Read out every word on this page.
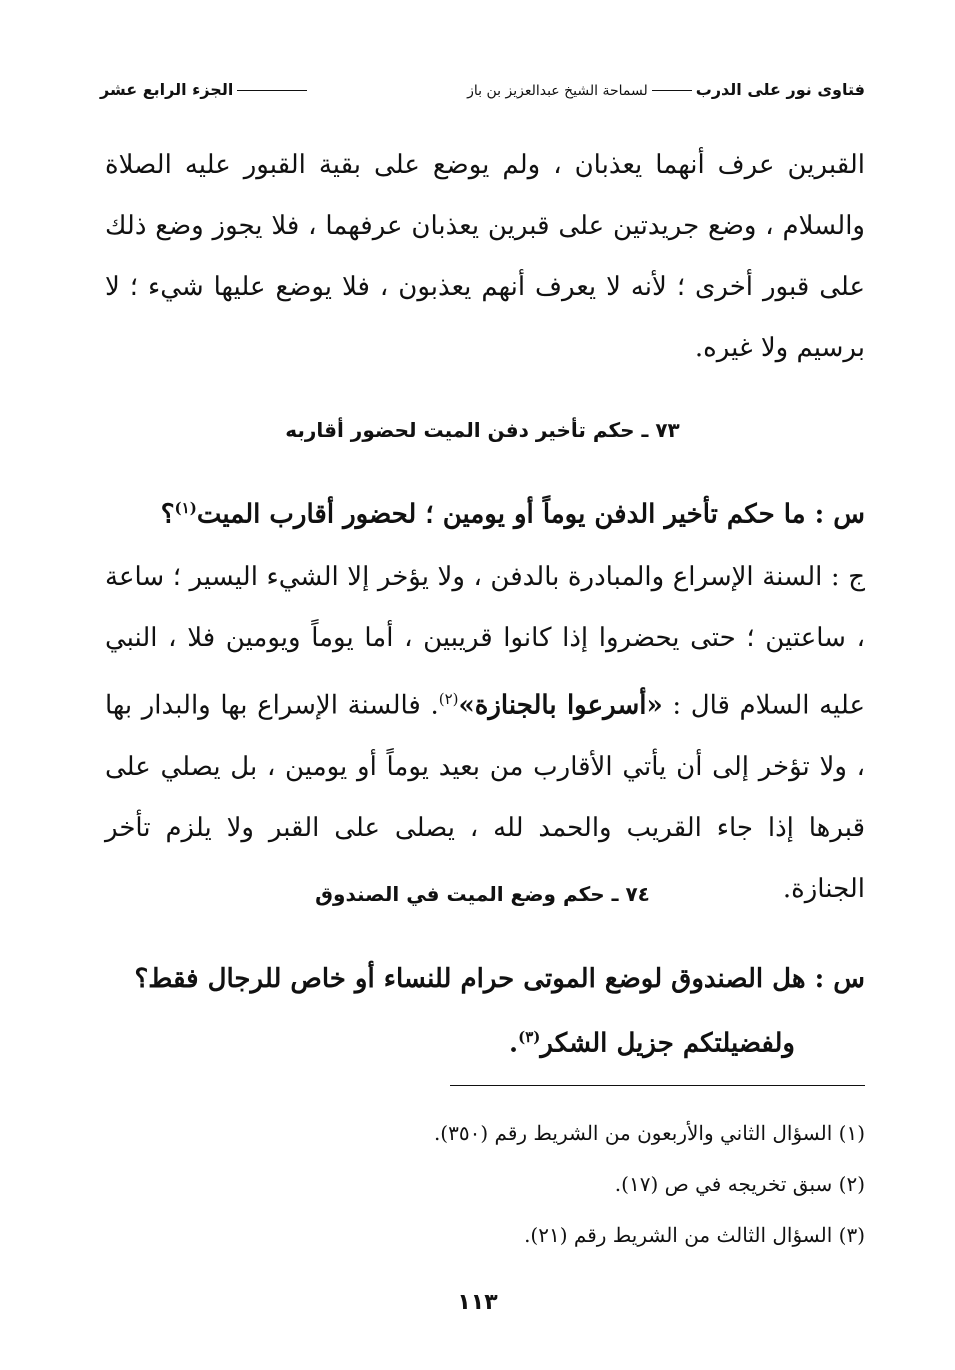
فتاوى نور على الدربلسماحة الشيخ عبدالعزيز بن باز
الجزء الرابع عشر
القبرين عرف أنهما يعذبان ، ولم يوضع على بقية القبور عليه الصلاة والسلام ، وضع جريدتين على قبرين يعذبان عرفهما ، فلا يجوز وضع ذلك على قبور أخرى ؛ لأنه لا يعرف أنهم يعذبون ، فلا يوضع عليها شيء ؛ لا برسيم ولا غيره.
٧٣ ـ حكم تأخير دفن الميت لحضور أقاربه
س : ما حكم تأخير الدفن يوماً أو يومين ؛ لحضور أقارب الميت$^{(١)}$؟
ج : السنة الإسراع والمبادرة بالدفن ، ولا يؤخر إلا الشيء اليسير ؛ ساعة ، ساعتين ؛ حتى يحضروا إذا كانوا قريبين ، أما يوماً ويومين فلا ، النبي عليه السلام قال : «أسرعوا بالجنازة»$^{(٢)}$. فالسنة الإسراع بها والبدار بها ، ولا تؤخر إلى أن يأتي الأقارب من بعيد يوماً أو يومين ، بل يصلي على قبرها إذا جاء القريب والحمد لله ، يصلى على القبر ولا يلزم تأخر الجنازة.
٧٤ ـ حكم وضع الميت في الصندوق
س : هل الصندوق لوضع الموتى حرام للنساء أو خاص للرجال فقط؟
ولفضيلتكم جزيل الشكر$^{(٣)}$.
(١) السؤال الثاني والأربعون من الشريط رقم (٣٥٠).
(٢) سبق تخريجه في ص (١٧).
(٣) السؤال الثالث من الشريط رقم (٢١).
١١٣
